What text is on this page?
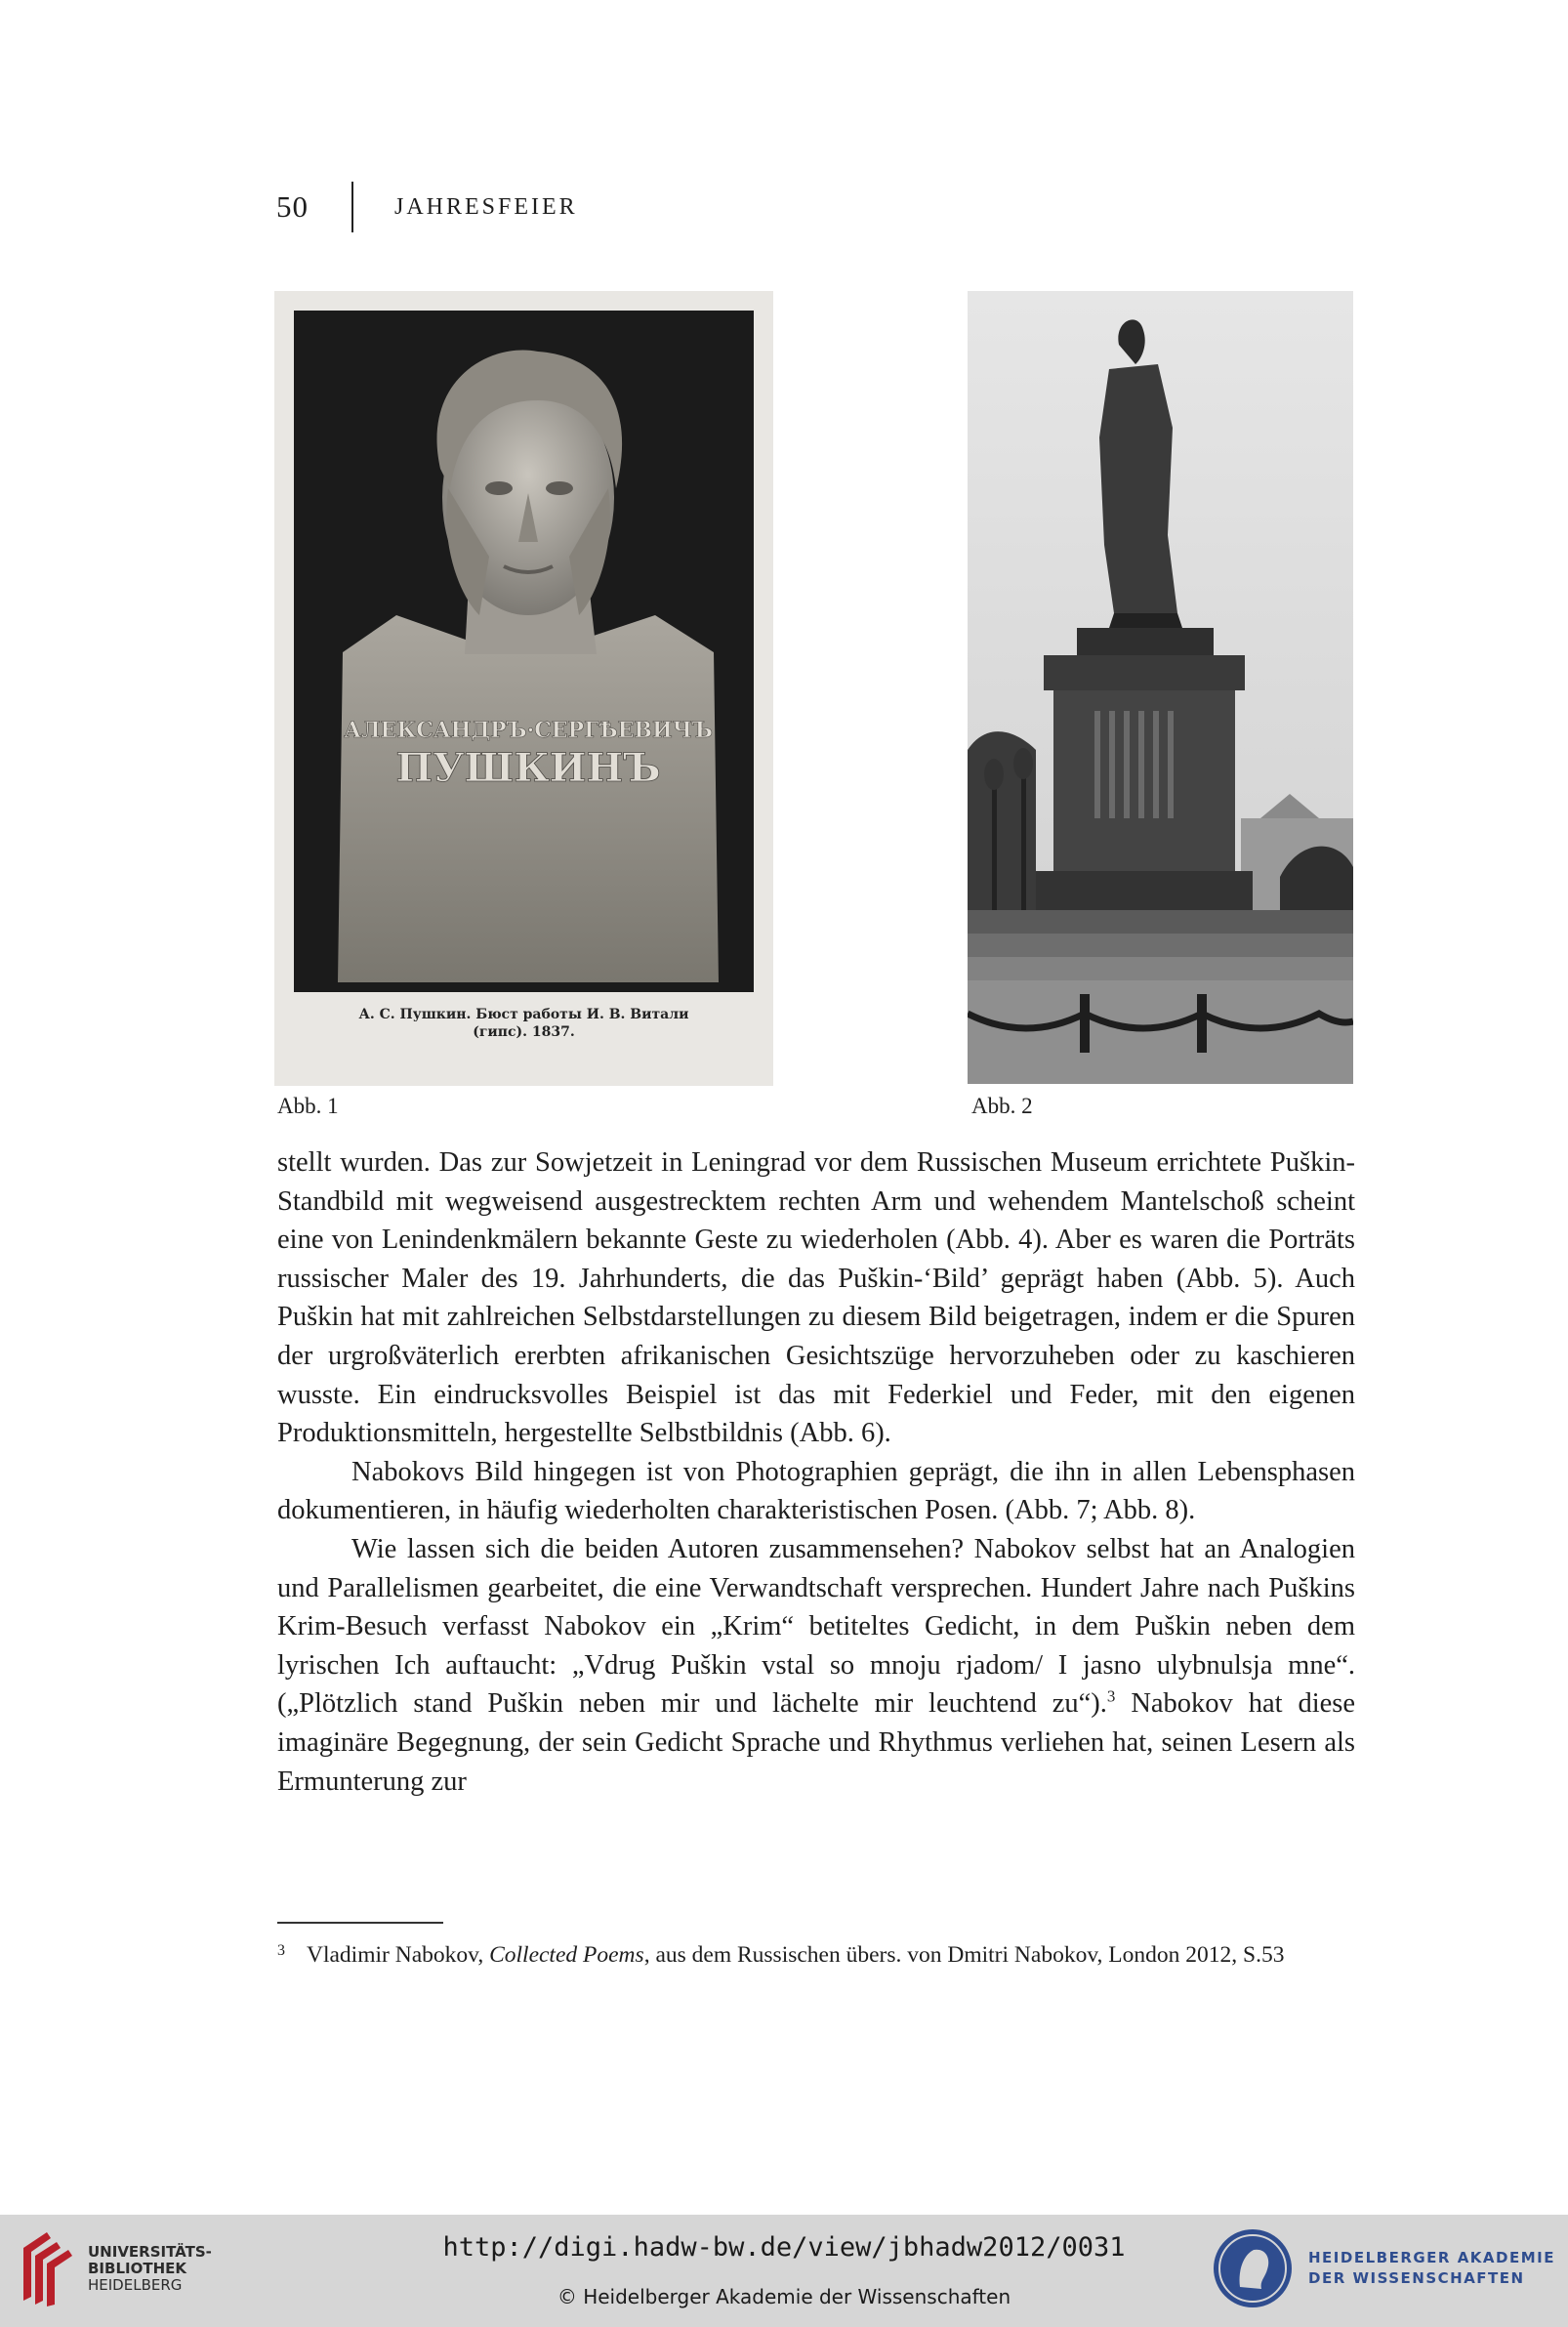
50	JAHRESFEIER
АЛЕКСАНДРЪ·СЕРГѢЕВИЧЪ
ПУШКИНЪ
А. С. Пушкин. Бюст работы И. В. Витали
(гипс). 1837.
Abb. 1	Abb. 2

stellt wurden. Das zur Sowjetzeit in Leningrad vor dem Russischen Museum errichtete Puškin-Standbild mit wegweisend ausgestrecktem rechten Arm und wehendem Mantelschoß scheint eine von Lenindenkmälern bekannte Geste zu wiederholen (Abb. 4). Aber es waren die Porträts russischer Maler des 19. Jahrhunderts, die das Puškin-‘Bild’ geprägt haben (Abb. 5). Auch Puškin hat mit zahlreichen Selbstdarstellungen zu diesem Bild beigetragen, indem er die Spuren der urgroßväterlich ererbten afrikanischen Gesichtszüge hervorzuheben oder zu kaschieren wusste. Ein eindrucksvolles Beispiel ist das mit Federkiel und Feder, mit den eigenen Produktionsmitteln, hergestellte Selbstbildnis (Abb. 6).

Nabokovs Bild hingegen ist von Photographien geprägt, die ihn in allen Lebensphasen dokumentieren, in häufig wiederholten charakteristischen Posen. (Abb. 7; Abb. 8).

Wie lassen sich die beiden Autoren zusammensehen? Nabokov selbst hat an Analogien und Parallelismen gearbeitet, die eine Verwandtschaft versprechen. Hundert Jahre nach Puškins Krim-Besuch verfasst Nabokov ein „Krim“ betiteltes Gedicht, in dem Puškin neben dem lyrischen Ich auftaucht: „Vdrug Puškin vstal so mnoju rjadom/ I jasno ulybnulsja mne“. („Plötzlich stand Puškin neben mir und lächelte mir leuchtend zu“).$^3$ Nabokov hat diese imaginäre Begegnung, der sein Gedicht Sprache und Rhythmus verliehen hat, seinen Lesern als Ermunterung zur

3 Vladimir Nabokov, Collected Poems, aus dem Russischen übers. von Dmitri Nabokov, London 2012, S.53
UNIVERSITÄTS-
BIBLIOTHEK
HEIDELBERG
http://digi.hadw-bw.de/view/jbhadw2012/0031
© Heidelberger Akademie der Wissenschaften
HEIDELBERGER AKADEMIE
DER WISSENSCHAFTEN
